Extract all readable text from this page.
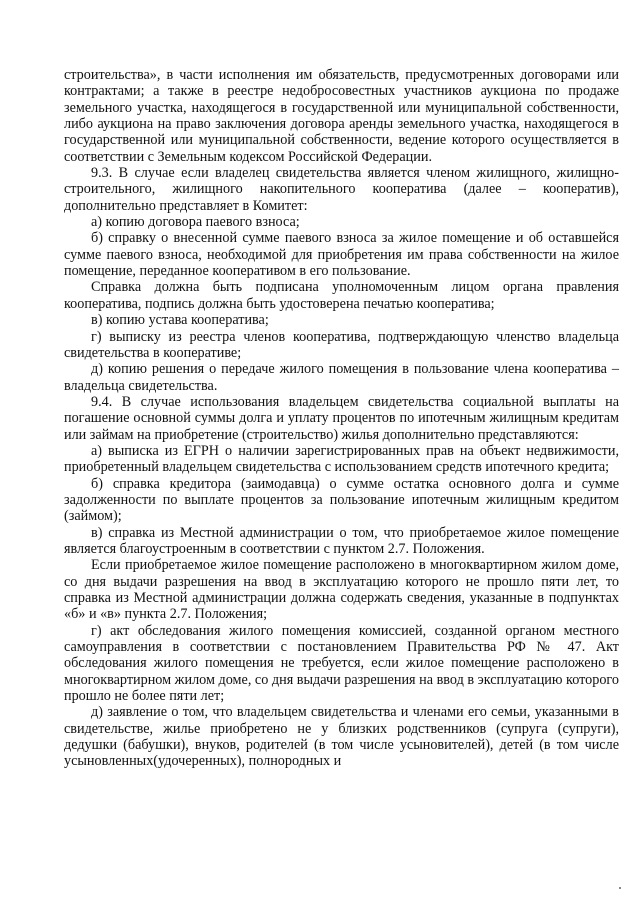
строительства», в части исполнения им обязательств, предусмотренных договорами или контрактами; а также в реестре недобросовестных участников аукциона по продаже земельного участка, находящегося в государственной или муниципальной собственности, либо аукциона на право заключения договора аренды земельного участка, находящегося в государственной или муниципальной собственности, ведение которого осуществляется в соответствии с Земельным кодексом Российской Федерации.

9.3. В случае если владелец свидетельства является членом жилищного, жилищно-строительного, жилищного накопительного кооператива (далее – кооператив), дополнительно представляет в Комитет:

а) копию договора паевого взноса;

б) справку о внесенной сумме паевого взноса за жилое помещение и об оставшейся сумме паевого взноса, необходимой для приобретения им права собственности на жилое помещение, переданное кооперативом в его пользование.

Справка должна быть подписана уполномоченным лицом органа правления кооператива, подпись должна быть удостоверена печатью кооператива;

в) копию устава кооператива;

г) выписку из реестра членов кооператива, подтверждающую членство владельца свидетельства в кооперативе;

д) копию решения о передаче жилого помещения в пользование члена кооператива – владельца свидетельства.

9.4. В случае использования владельцем свидетельства социальной выплаты на погашение основной суммы долга и уплату процентов по ипотечным жилищным кредитам или займам на приобретение (строительство) жилья дополнительно представляются:

а) выписка из ЕГРН о наличии зарегистрированных прав на объект недвижимости, приобретенный владельцем свидетельства с использованием средств ипотечного кредита;

б) справка кредитора (заимодавца) о сумме остатка основного долга и сумме задолженности по выплате процентов за пользование ипотечным жилищным кредитом (займом);

в) справка из Местной администрации о том, что приобретаемое жилое помещение является благоустроенным в соответствии с пунктом 2.7. Положения.

Если приобретаемое жилое помещение расположено в многоквартирном жилом доме, со дня выдачи разрешения на ввод в эксплуатацию которого не прошло пяти лет, то справка из Местной администрации должна содержать сведения, указанные в подпунктах «б» и «в» пункта 2.7. Положения;

г) акт обследования жилого помещения комиссией, созданной органом местного самоуправления в соответствии с постановлением Правительства РФ № 47. Акт обследования жилого помещения не требуется, если жилое помещение расположено в многоквартирном жилом доме, со дня выдачи разрешения на ввод в эксплуатацию которого прошло не более пяти лет;

д) заявление о том, что владельцем свидетельства и членами его семьи, указанными в свидетельстве, жилье приобретено не у близких родственников (супруга (супруги), дедушки (бабушки), внуков, родителей (в том числе усыновителей), детей (в том числе усыновленных(удочеренных), полнородных и
